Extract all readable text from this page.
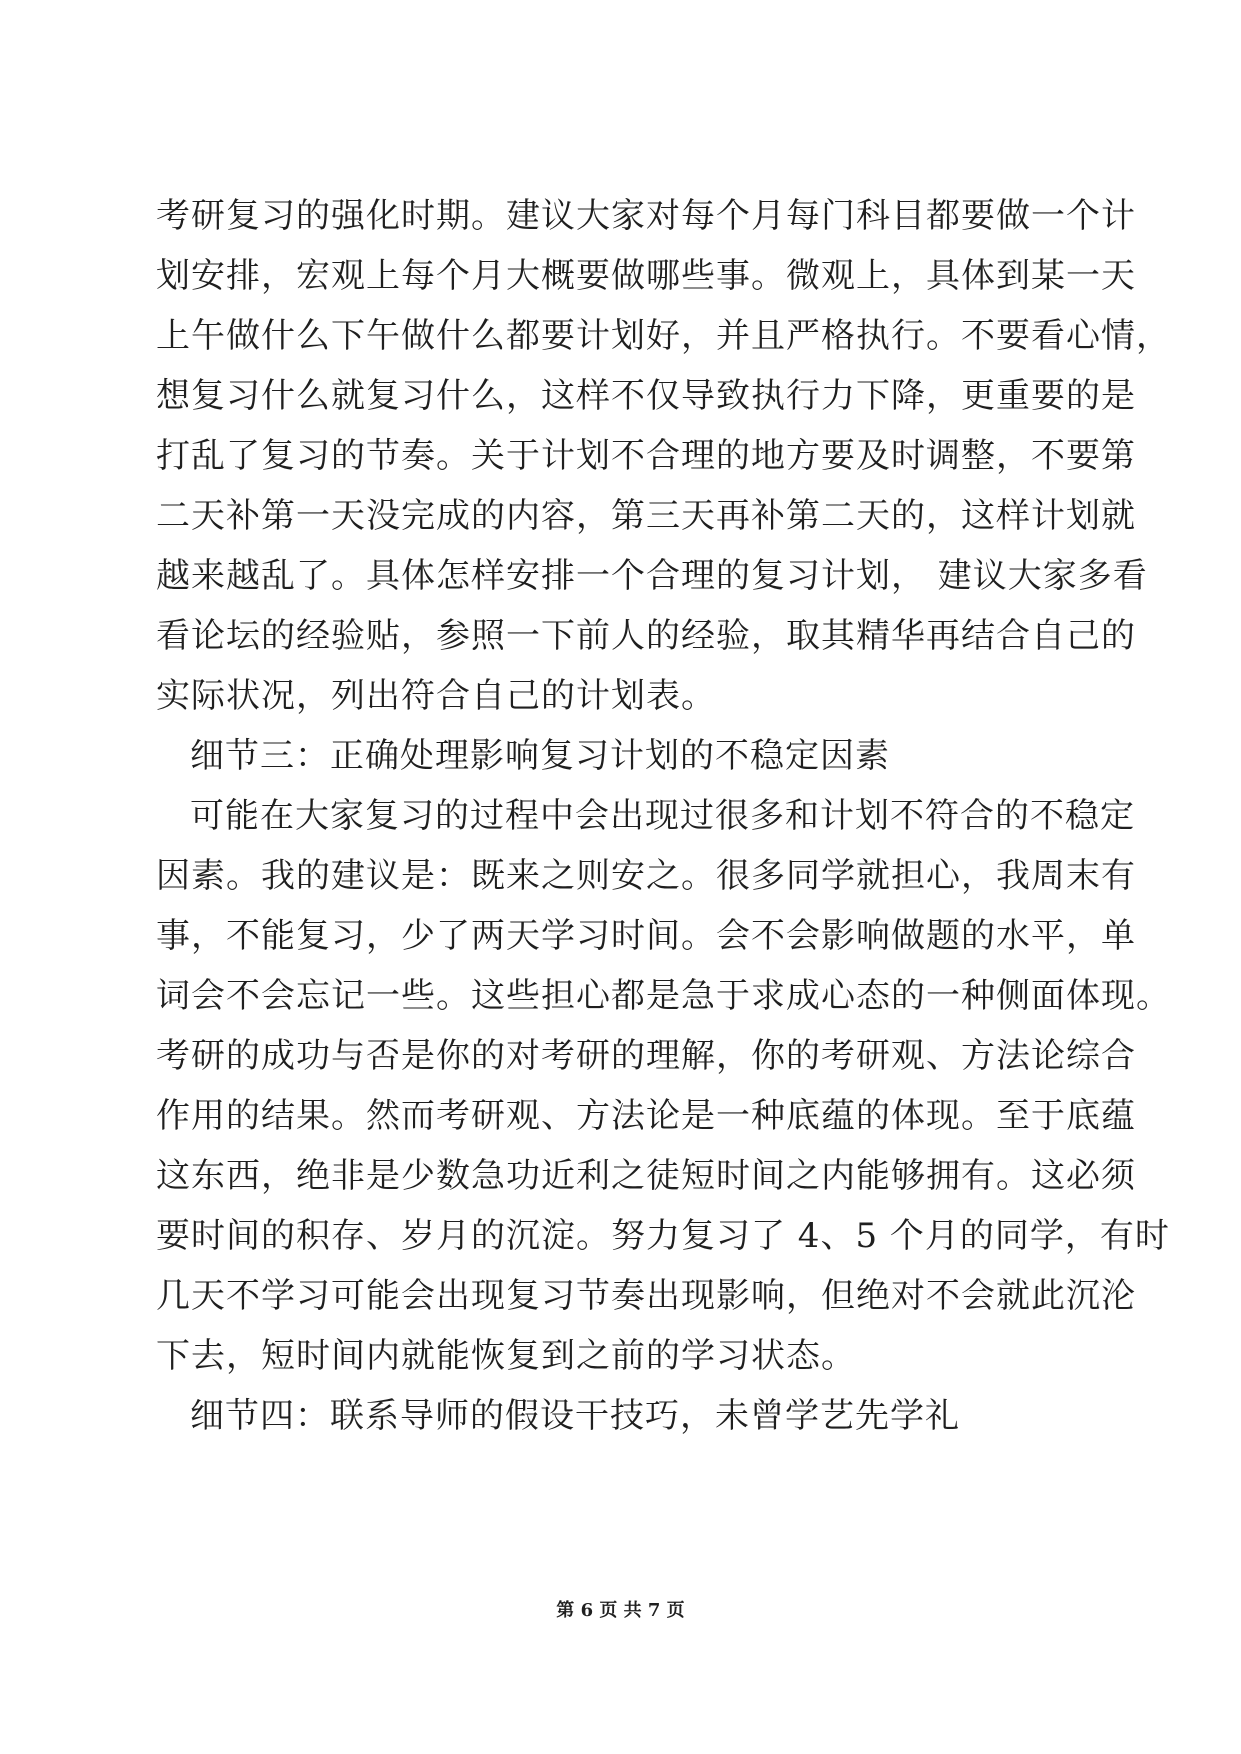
考研复习的强化时期。建议大家对每个月每门科目都要做一个计
划安排，宏观上每个月大概要做哪些事。微观上，具体到某一天
上午做什么下午做什么都要计划好，并且严格执行。不要看心情，
想复习什么就复习什么，这样不仅导致执行力下降，更重要的是
打乱了复习的节奏。关于计划不合理的地方要及时调整，不要第
二天补第一天没完成的内容，第三天再补第二天的，这样计划就
越来越乱了。具体怎样安排一个合理的复习计划， 建议大家多看
看论坛的经验贴，参照一下前人的经验，取其精华再结合自己的
实际状况，列出符合自己的计划表。
细节三：正确处理影响复习计划的不稳定因素
可能在大家复习的过程中会出现过很多和计划不符合的不稳定
因素。我的建议是：既来之则安之。很多同学就担心，我周末有
事，不能复习，少了两天学习时间。会不会影响做题的水平，单
词会不会忘记一些。这些担心都是急于求成心态的一种侧面体现。
考研的成功与否是你的对考研的理解，你的考研观、方法论综合
作用的结果。然而考研观、方法论是一种底蕴的体现。至于底蕴
这东西，绝非是少数急功近利之徒短时间之内能够拥有。这必须
要时间的积存、岁月的沉淀。努力复习了 4、5 个月的同学，有时
几天不学习可能会出现复习节奏出现影响，但绝对不会就此沉沦
下去，短时间内就能恢复到之前的学习状态。
细节四：联系导师的假设干技巧，未曾学艺先学礼
第 6 页 共 7 页
